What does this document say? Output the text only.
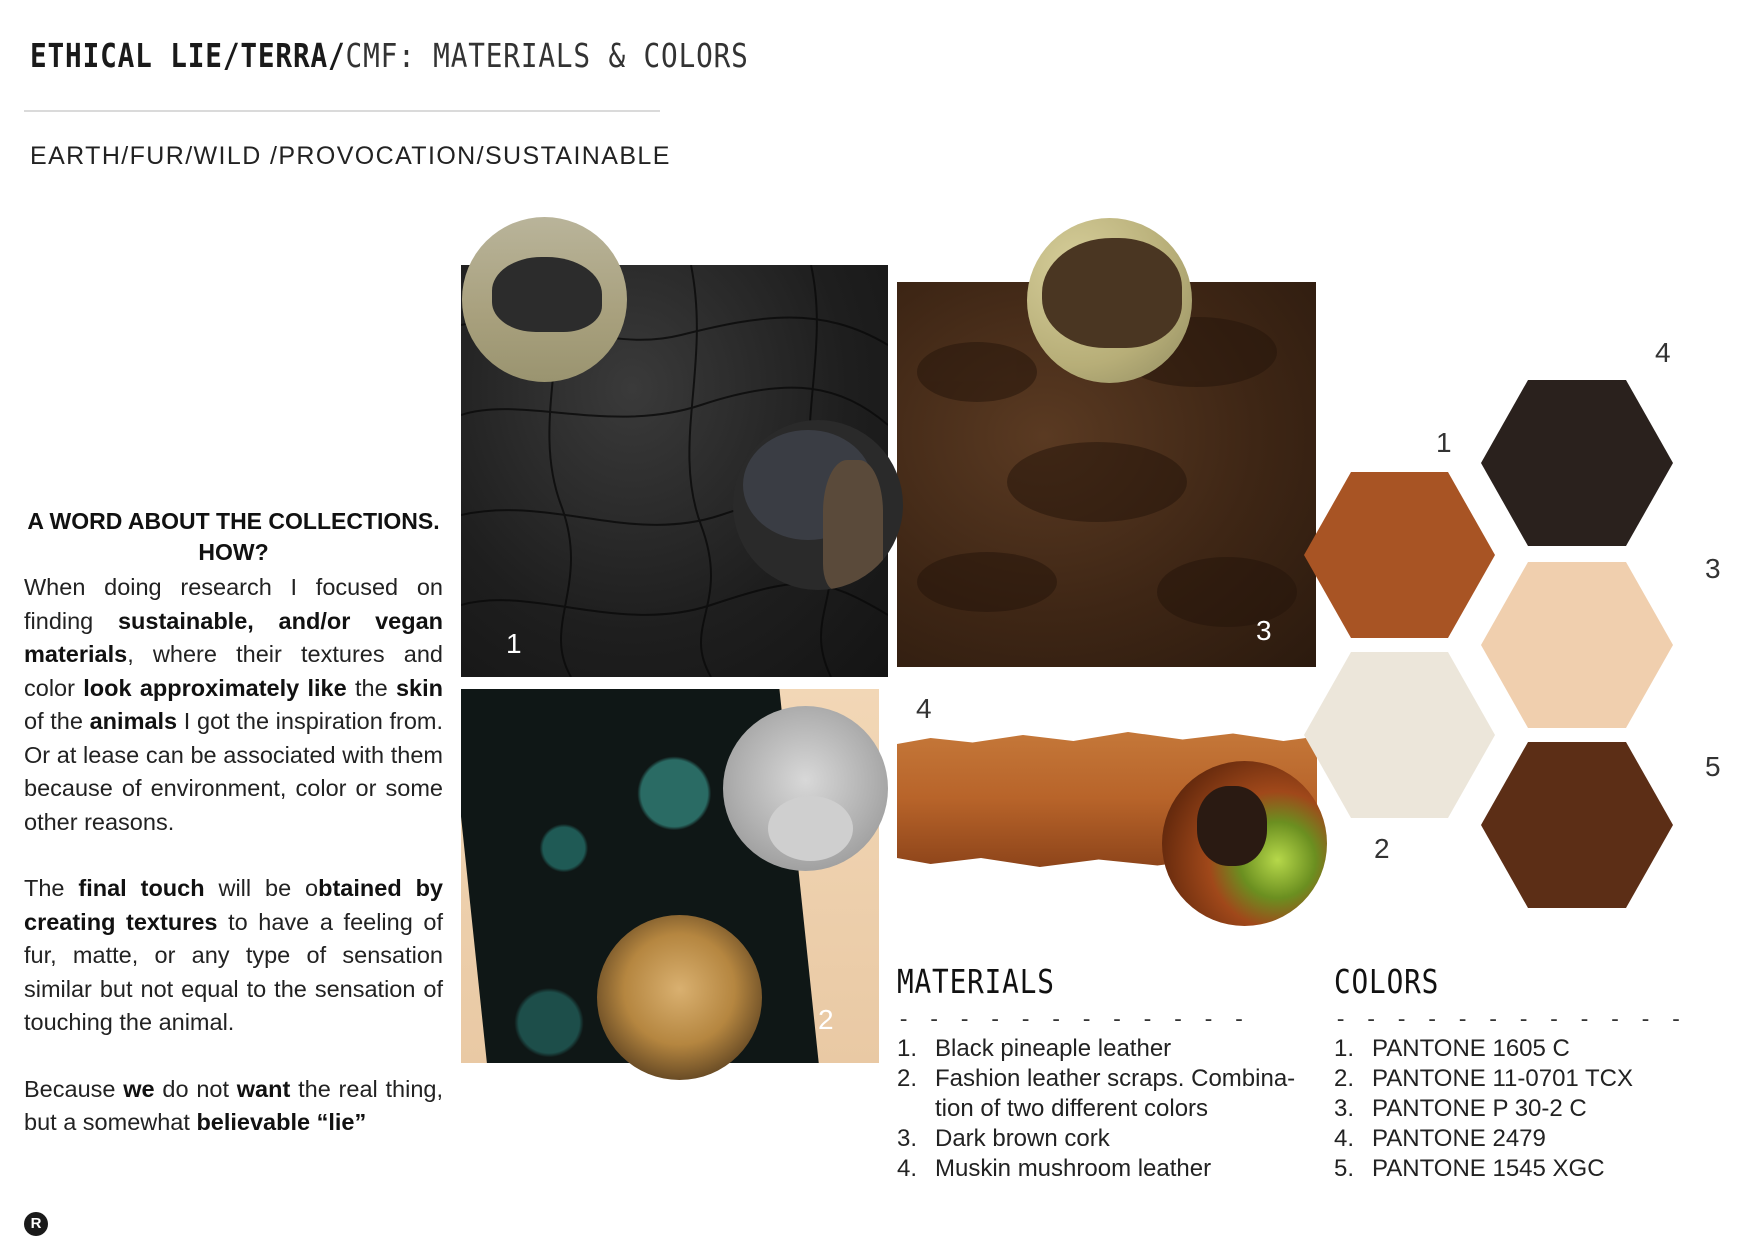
ETHICAL LIE/TERRA/CMF: MATERIALS & COLORS
EARTH/FUR/WILD /PROVOCATION/SUSTAINABLE
A WORD ABOUT THE COLLECTIONS.
HOW?

When doing research I focused on finding sustainable, and/or vegan materials, where their textures and color look approximately like the skin of the animals I got the inspiration from. Or at lease can be associated with them because of environment, color or some other reasons.

The final touch will be obtained by creating textures to have a feeling of fur, matte, or any type of sensation similar but not equal to the sensation of touching the animal.

Because we do not want the real thing, but a somewhat believable “lie”

1
2
3
4
1
2
3
4
5
MATERIALS
- - - - - - - - - - - -
1. Black pineaple leather
2. Fashion leather scraps. Combina-tion of two different colors
3. Dark brown cork
4. Muskin mushroom leather
COLORS
- - - - - - - - - - - -
1. PANTONE 1605 C
2. PANTONE 11-0701 TCX
3. PANTONE P 30-2 C
4. PANTONE 2479
5. PANTONE 1545 XGC
R
